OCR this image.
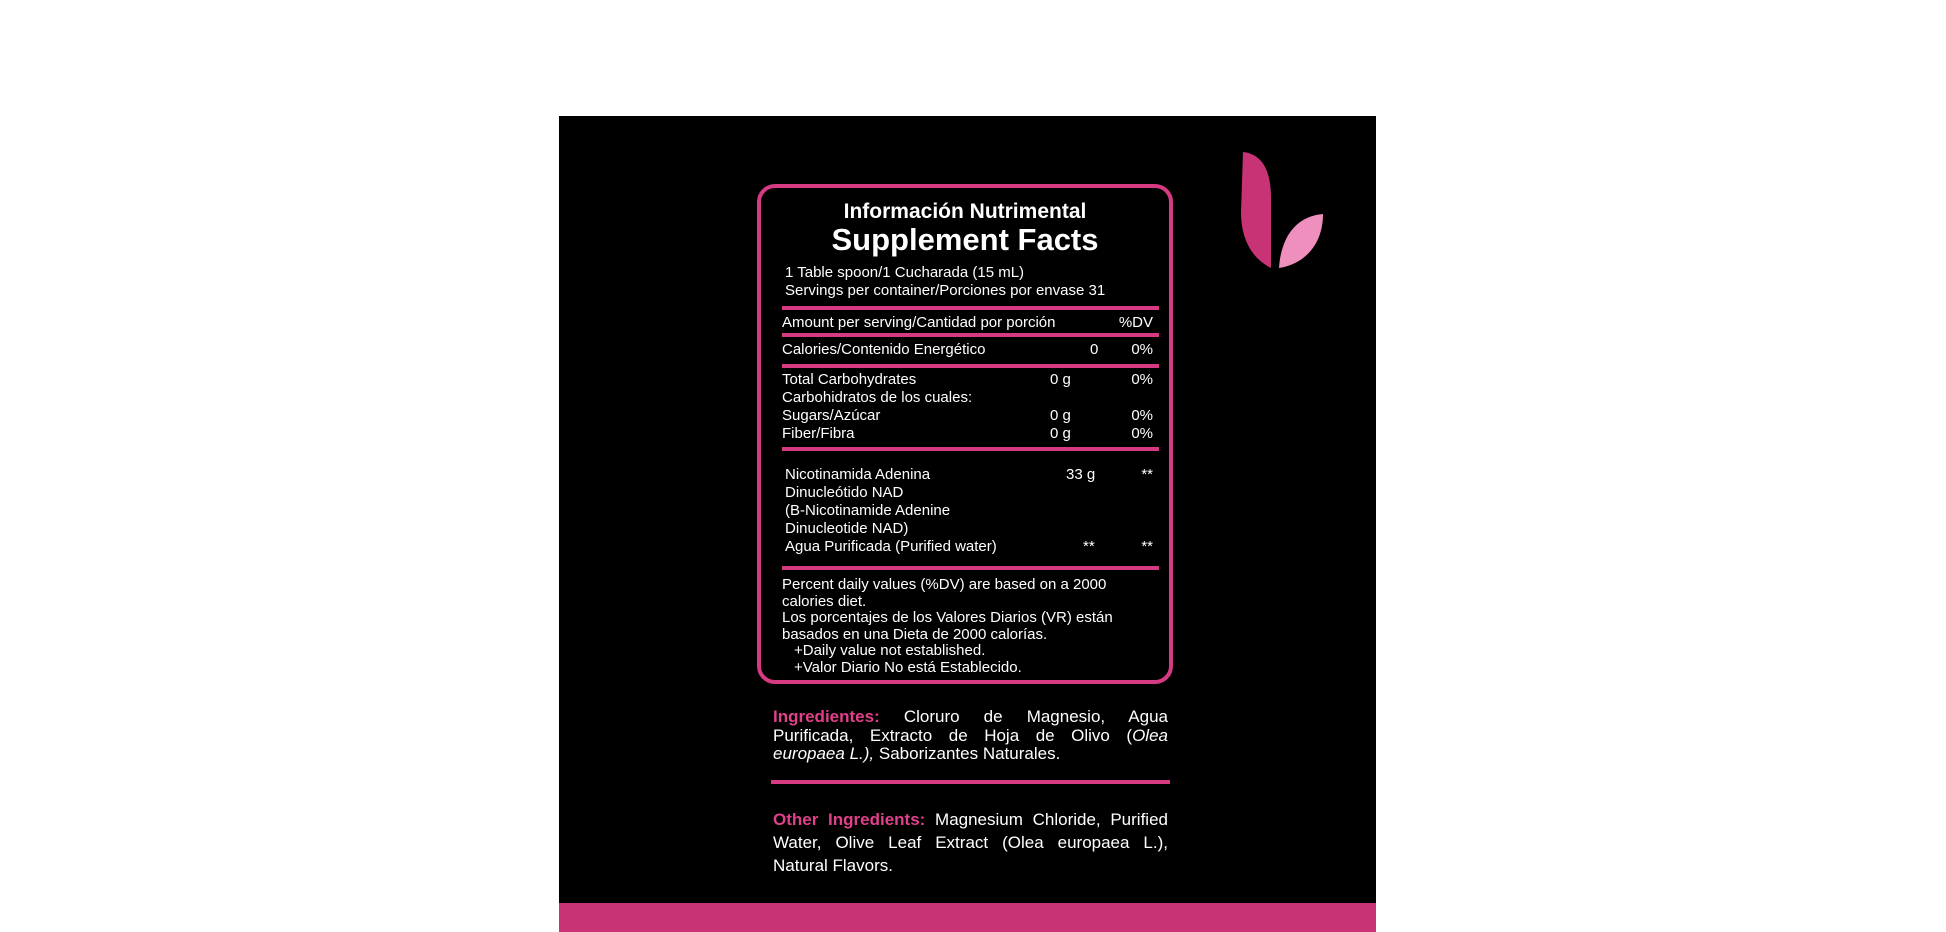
Información Nutrimental
Supplement Facts
1 Table spoon/1 Cucharada (15 mL)
Servings per container/Porciones por envase 31
Amount per serving/Cantidad por porción	%DV
Calories/Contenido Energético	0 0%
Total Carbohydrates	0 g	0%
Carbohidratos de los cuales:
Sugars/Azúcar	0 g	0%
Fiber/Fibra	0 g	0%
Nicotinamida Adenina	33 g	**
Dinucleótido NAD
(B-Nicotinamide Adenine
Dinucleotide NAD)
Agua Purificada (Purified water)	**	**
Percent daily values (%DV) are based on a 2000
calories diet.
Los porcentajes de los Valores Diarios (VR) están
basados en una Dieta de 2000 calorías.
+Daily value not established.
+Valor Diario No está Establecido.
Ingredientes: Cloruro de Magnesio, Agua Purificada, Extracto de Hoja de Olivo (Olea europaea L.), Saborizantes Naturales.
Other Ingredients: Magnesium Chloride, Purified Water, Olive Leaf Extract (Olea europaea L.), Natural Flavors.
